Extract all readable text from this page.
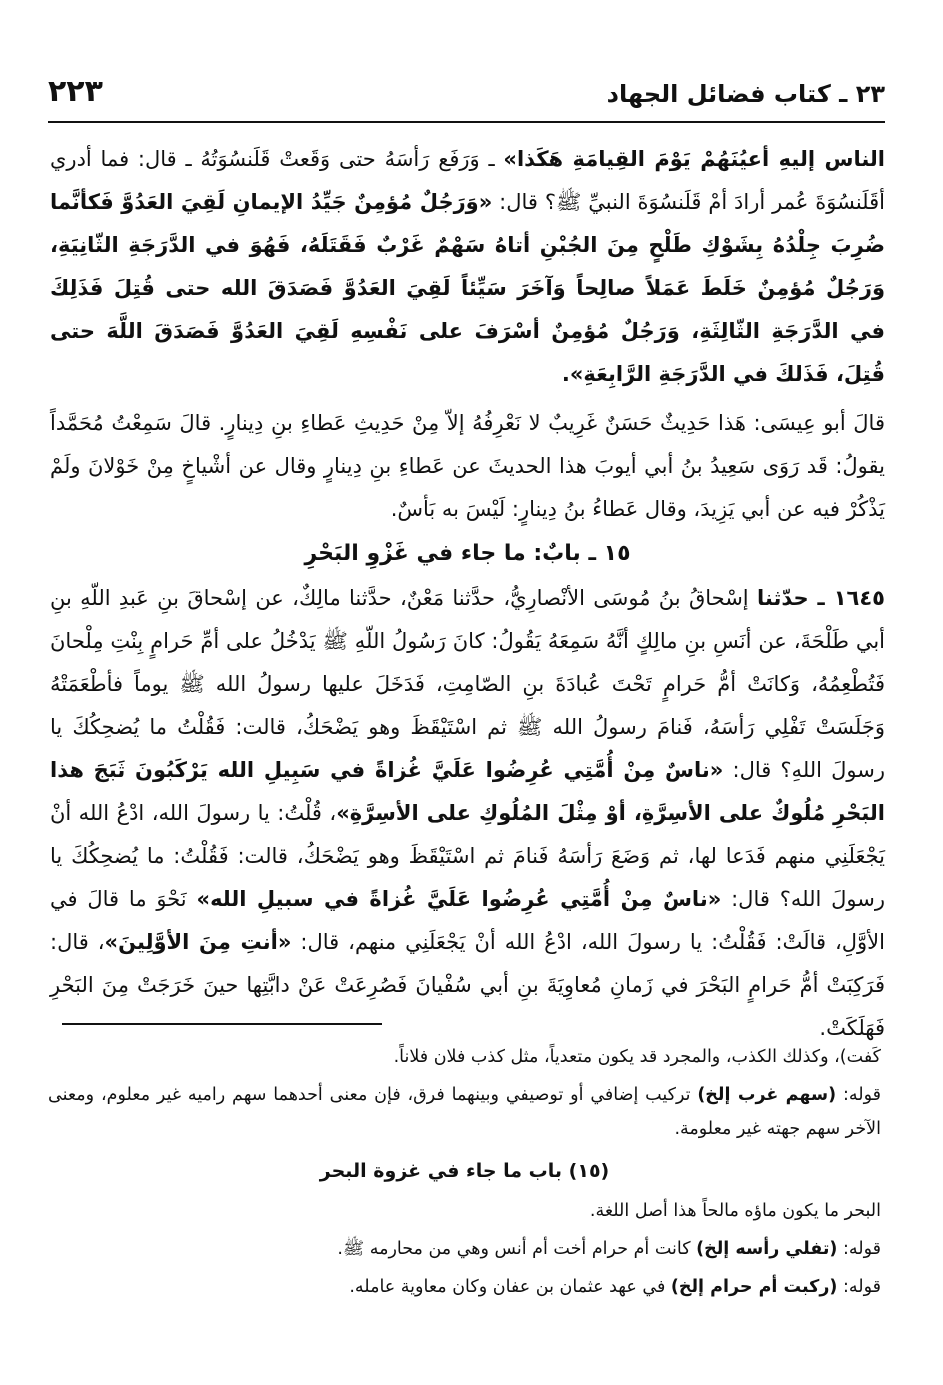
٢٣ ـ كتاب فضائل الجهاد
٢٢٣

الناس إليهِ أعيُنَهُمْ يَوْمَ القِيامَةِ هَكَذا» ـ وَرَفَع رَأسَهُ حتى وَقَعتْ قَلَنسُوَتُهُ ـ قال: فما أدري أقَلَنسُوَةَ عُمر أرادَ أمْ قَلَنسُوَةَ النبيِّ ﷺ؟ قال: «وَرَجُلٌ مُؤمِنٌ جَيِّدُ الإيمانِ لَقِيَ العَدُوَّ فَكأنَّما ضُرِبَ جِلْدُهُ بِشَوْكِ طَلْحٍ مِنَ الجُبْنِ أتاهُ سَهْمٌ غَرْبٌ فَقَتَلَهُ، فَهُوَ في الدَّرَجَةِ الثّانِيَةِ، وَرَجُلٌ مُؤمِنٌ خَلَطَ عَمَلاً صالِحاً وَآخَرَ سَيِّئاً لَقِيَ العَدُوَّ فَصَدَقَ الله حتى قُتِلَ فَذَلِكَ في الدَّرَجَةِ الثّالِثَةِ، وَرَجُلٌ مُؤمِنٌ أسْرَفَ على نَفْسِهِ لَقِيَ العَدُوَّ فَصَدَقَ اللَّهَ حتى قُتِلَ، فَذَلكَ في الدَّرَجَةِ الرَّابِعَةِ».

قالَ أبو عِيسَى: هَذا حَدِيثٌ حَسَنٌ غَرِيبٌ لا نَعْرِفُهُ إلاّ مِنْ حَدِيثِ عَطاءِ بنِ دِينارٍ. قالَ سَمِعْتُ مُحَمَّداً يقولُ: قَد رَوَى سَعِيدُ بنُ أبي أيوبَ هذا الحديثَ عن عَطاءِ بنِ دِينارٍ وقال عن أشْياخٍ مِنْ خَوْلانَ ولَمْ يَذْكُرْ فيه عن أبي يَزِيدَ، وقال عَطاءُ بنُ دِينارٍ: لَيْسَ به بَأسٌ.

١٥ ـ بابٌ: ما جاء في غَزْوِ البَحْرِ

١٦٤٥ ـ حدّثنا إسْحاقُ بنُ مُوسَى الأنْصارِيُّ، حدَّثنا مَعْنٌ، حدَّثنا مالِكٌ، عن إسْحاقَ بنِ عَبدِ اللّهِ بنِ أبي طَلْحَةَ، عن أنَسِ بنِ مالِكٍ أنَّهُ سَمِعَهُ يَقُولُ: كانَ رَسُولُ اللّهِ ﷺ يَدْخُلُ على أمِّ حَرامٍ بِنْتِ مِلْحانَ فَتُطْعِمُهُ، وَكانَتْ أمُّ حَرامٍ تَحْتَ عُبادَةَ بنِ الصّامِتِ، فَدَخَلَ عليها رسولُ الله ﷺ يوماً فأطْعَمَتْهُ وَجَلَسَتْ تَفْلِي رَأسَهُ، فَنامَ رسولُ الله ﷺ ثم اسْتَيْقَظَ وهو يَضْحَكُ، قالت: فَقُلْتُ ما يُضحِكُكَ يا رسولَ اللهِ؟ قال: «ناسٌ مِنْ أُمَّتِي عُرِضُوا عَلَيَّ غُزاةً في سَبِيلِ الله يَرْكَبُونَ ثَبَجَ هذا البَحْرِ مُلُوكٌ على الأسِرَّةِ، أوْ مِثْلَ المُلُوكِ على الأسِرَّةِ»، قُلْتُ: يا رسولَ الله، ادْعُ الله أنْ يَجْعَلَنِي منهم فَدَعا لها، ثم وَضَعَ رَأسَهُ فَنامَ ثم اسْتَيْقَظَ وهو يَضْحَكُ، قالت: فَقُلْتُ: ما يُضحِكُكَ يا رسولَ الله؟ قال: «ناسٌ مِنْ أُمَّتِي عُرِضُوا عَلَيَّ غُزاةً في سبيلِ الله» نَحْوَ ما قالَ في الأوَّلِ، قالَتْ: فَقُلْتُ: يا رسولَ الله، ادْعُ الله أنْ يَجْعَلَنِي منهم، قال: «أنتِ مِنَ الأوَّلِينَ»، قال: فَرَكِبَتْ أمُّ حَرامٍ البَحْرَ في زَمانِ مُعاوِيَةَ بنِ أبي سُفْيانَ فَصُرِعَتْ عَنْ دابَّتِها حينَ خَرَجَتْ مِنَ البَحْرِ فَهَلَكَتْ.

كَفت)، وكذلك الكذب، والمجرد قد يكون متعدياً، مثل كذب فلان فلاناً.

قوله: (سهم غرب إلخ) تركيب إضافي أو توصيفي وبينهما فرق، فإن معنى أحدهما سهم راميه غير معلوم، ومعنى الآخر سهم جهته غير معلومة.

(١٥) باب ما جاء في غزوة البحر

البحر ما يكون ماؤه مالحاً هذا أصل اللغة.

قوله: (تفلي رأسه إلخ) كانت أم حرام أخت أم أنس وهي من محارمه ﷺ.

قوله: (ركبت أم حرام إلخ) في عهد عثمان بن عفان وكان معاوية عامله.
